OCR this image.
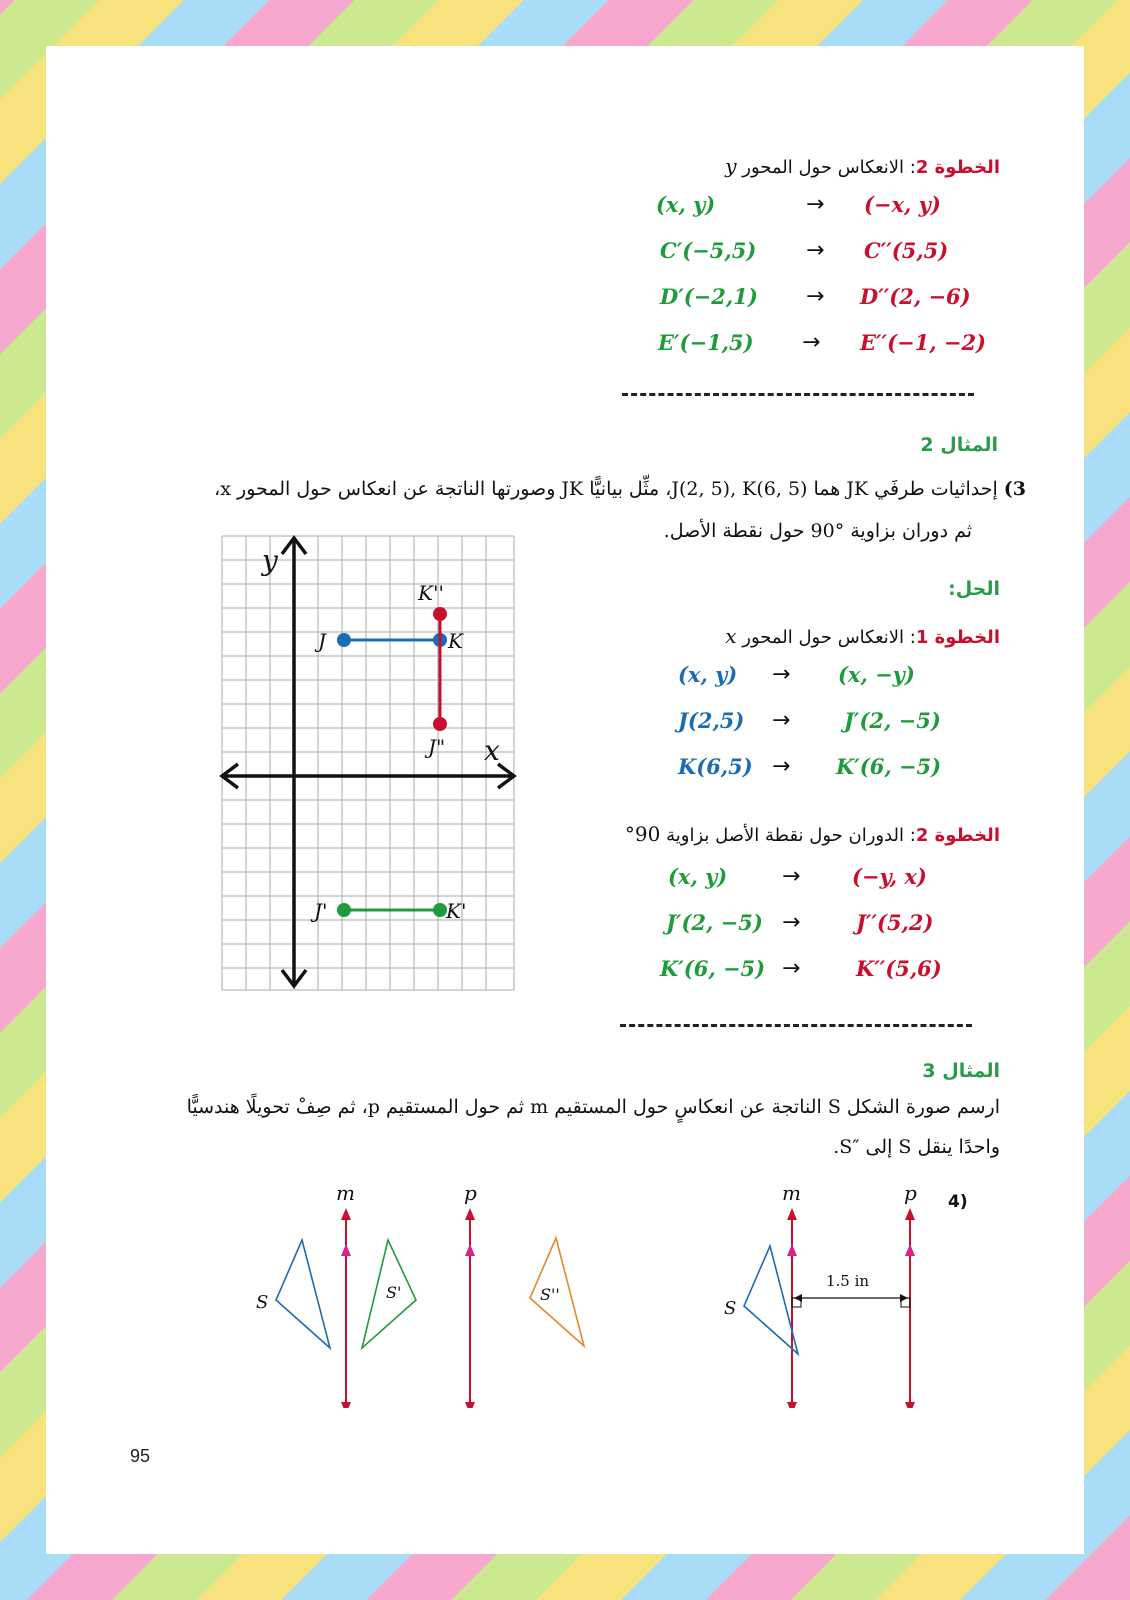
الخطوة 2: الانعكاس حول المحور y
(x, y)	→ (−x, y)
C′(−5,5) → C′′(5,5)
D′(−2,1) → D′′(2, −6)
E′(−1,5) → E′′(−1, −2)
المثال 2
3) إحداثيات طرفَي JK هما J(2, 5), K(6, 5)، مثِّل بيانيًّا JK وصورتها الناتجة عن انعكاس حول المحور x،
ثم دوران بزاوية °90 حول نقطة الأصل.
y
x
J	K
K''
J"
J'	K'
الحل:
الخطوة 1: الانعكاس حول المحور x
(x, y) → (x, −y)
J(2,5) →	J′(2, −5)
K(6,5) → K′(6, −5)
الخطوة 2: الدوران حول نقطة الأصل بزاوية 90°
(x, y) → (−y, x)
J′(2, −5) →	J′′(5,2)
K′(6, −5) →	K′′(5,6)
المثال 3
ارسم صورة الشكل S الناتجة عن انعكاسٍ حول المستقيم m ثم حول المستقيم p، ثم صِفْ تحويلًا هندسيًّا
واحدًا ينقل S إلى ″S.
4)
m	p
S	S'	S''
m	p
1.5 in
S
95
